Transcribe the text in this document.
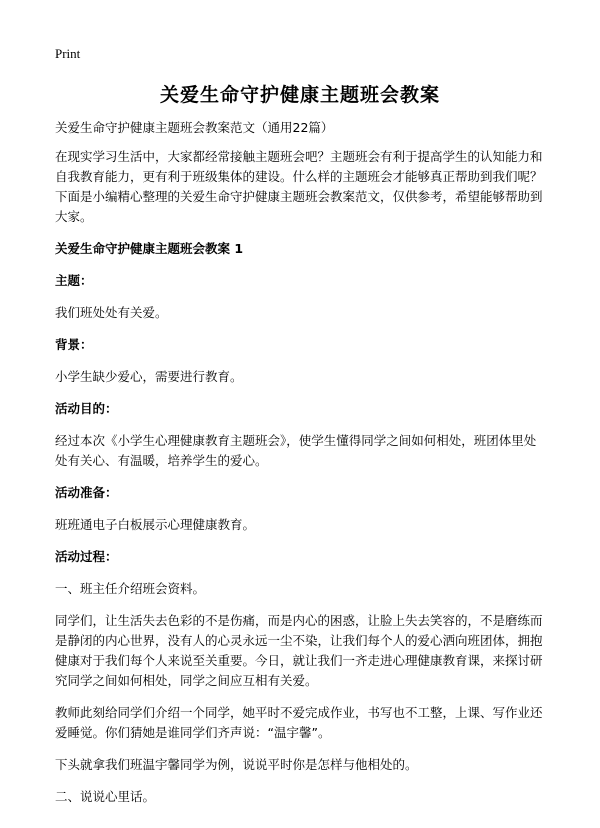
Print
关爱生命守护健康主题班会教案

关爱生命守护健康主题班会教案范文（通用22篇）

在现实学习生活中，大家都经常接触主题班会吧？主题班会有利于提高学生的认知能力和自我教育能力，更有利于班级集体的建设。什么样的主题班会才能够真正帮助到我们呢？下面是小编精心整理的关爱生命守护健康主题班会教案范文，仅供参考，希望能够帮助到大家。

关爱生命守护健康主题班会教案 1

主题：

我们班处处有关爱。

背景：

小学生缺少爱心，需要进行教育。

活动目的：

经过本次《小学生心理健康教育主题班会》，使学生懂得同学之间如何相处，班团体里处处有关心、有温暖，培养学生的爱心。

活动准备：

班班通电子白板展示心理健康教育。

活动过程：

一、班主任介绍班会资料。

同学们，让生活失去色彩的不是伤痛，而是内心的困惑，让脸上失去笑容的，不是磨练而是静闭的内心世界，没有人的心灵永远一尘不染，让我们每个人的爱心洒向班团体，拥抱健康对于我们每个人来说至关重要。今日，就让我们一齐走进心理健康教育课，来探讨研究同学之间如何相处，同学之间应互相有关爱。

教师此刻给同学们介绍一个同学，她平时不爱完成作业，书写也不工整，上课、写作业还爱睡觉。你们猜她是谁同学们齐声说：“温宇馨”。

下头就拿我们班温宇馨同学为例，说说平时你是怎样与他相处的。

二、说说心里话。
